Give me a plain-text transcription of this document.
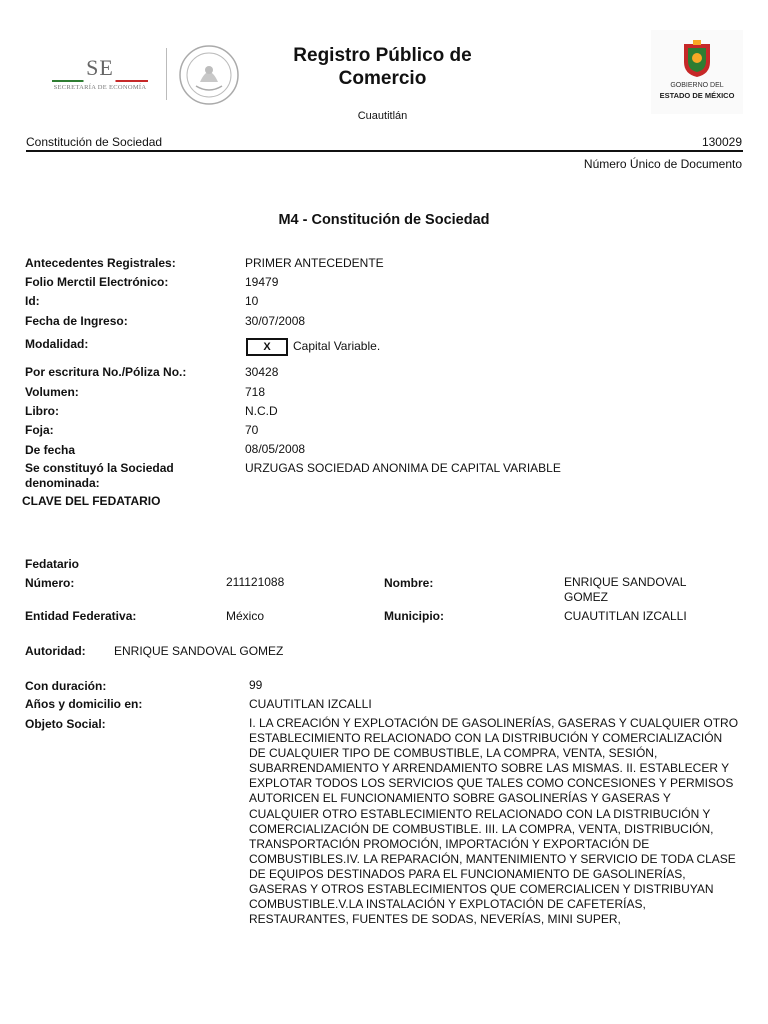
SE
SECRETARÍA DE ECONOMÍA
Registro Público de Comercio
Cuautitlán
GOBIERNO DEL
ESTADO DE MÉXICO
Constitución de Sociedad	130029
Número Único de Documento
M4 - Constitución de Sociedad
Antecedentes Registrales:	PRIMER ANTECEDENTE
Folio Merctil Electrónico:	19479
Id:	10
Fecha de Ingreso:	30/07/2008
Modalidad:	X	Capital Variable.
Por escritura No./Póliza No.:	30428
Volumen:	718
Libro:	N.C.D
Foja:	70
De fecha	08/05/2008
Se constituyó la Sociedad denominada:
URZUGAS SOCIEDAD ANONIMA DE CAPITAL VARIABLE
CLAVE DEL FEDATARIO
Fedatario
Número:	211121088	Nombre:	ENRIQUE SANDOVAL GOMEZ
Entidad Federativa:	México	Municipio:	CUAUTITLAN IZCALLI
Autoridad: ENRIQUE SANDOVAL GOMEZ
Con duración:	99
Años y domicilio en:	CUAUTITLAN IZCALLI
Objeto Social:	I. LA CREACIÓN Y EXPLOTACIÓN DE GASOLINERÍAS, GASERAS Y CUALQUIER OTRO ESTABLECIMIENTO RELACIONADO CON LA DISTRIBUCIÓN Y COMERCIALIZACIÓN DE CUALQUIER TIPO DE COMBUSTIBLE, LA COMPRA, VENTA, SESIÓN, SUBARRENDAMIENTO Y ARRENDAMIENTO SOBRE LAS MISMAS. II. ESTABLECER Y EXPLOTAR TODOS LOS SERVICIOS QUE TALES COMO CONCESIONES Y PERMISOS AUTORICEN EL FUNCIONAMIENTO SOBRE GASOLINERÍAS Y GASERAS Y CUALQUIER OTRO ESTABLECIMIENTO RELACIONADO CON LA DISTRIBUCIÓN Y COMERCIALIZACIÓN DE COMBUSTIBLE. III. LA COMPRA, VENTA, DISTRIBUCIÓN, TRANSPORTACIÓN PROMOCIÓN, IMPORTACIÓN Y EXPORTACIÓN DE COMBUSTIBLES.IV. LA REPARACIÓN, MANTENIMIENTO Y SERVICIO DE TODA CLASE DE EQUIPOS DESTINADOS PARA EL FUNCIONAMIENTO DE GASOLINERÍAS, GASERAS Y OTROS ESTABLECIMIENTOS QUE COMERCIALICEN Y DISTRIBUYAN COMBUSTIBLE.V.LA INSTALACIÓN Y EXPLOTACIÓN DE CAFETERÍAS, RESTAURANTES, FUENTES DE SODAS, NEVERÍAS, MINI SUPER,
